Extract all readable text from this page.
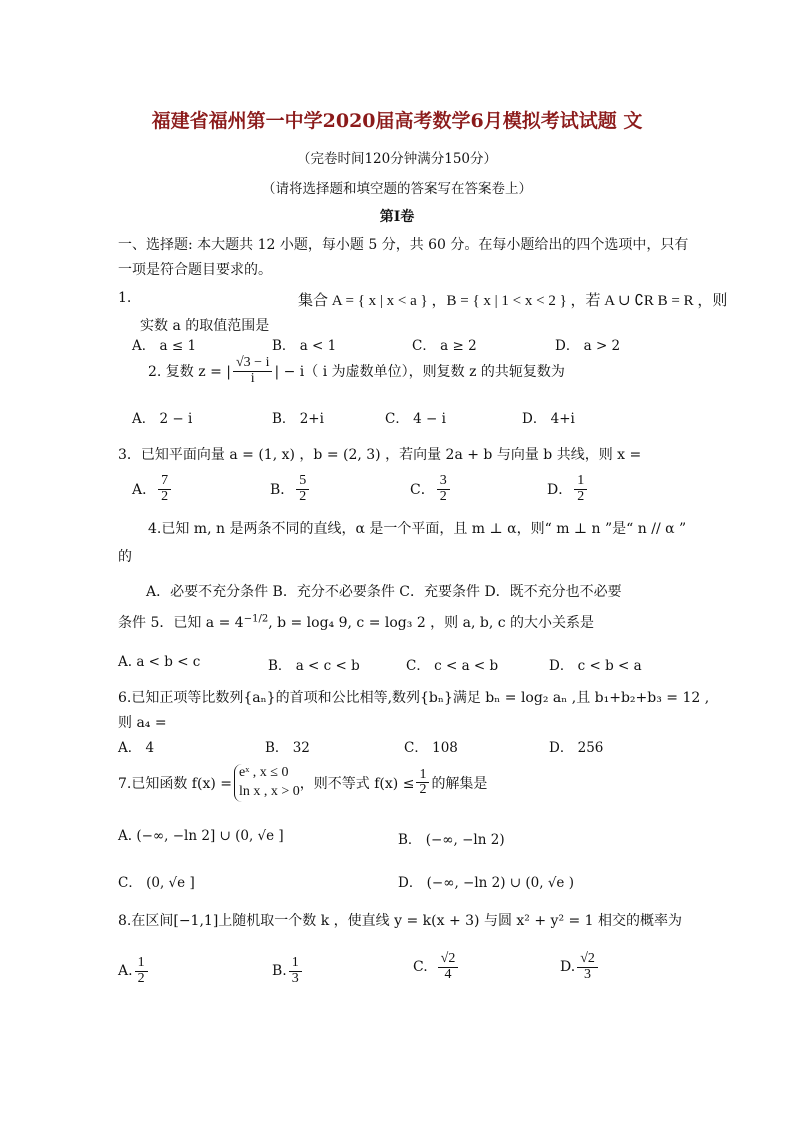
福建省福州第一中学2020届高考数学6月模拟考试试题 文
（完卷时间120分钟满分150分）
（请将选择题和填空题的答案写在答案卷上）
第Ⅰ卷
一、选择题: 本大题共 12 小题，每小题 5 分，共 60 分。在每小题给出的四个选项中，只有
一项是符合题目要求的。
1.	集合 A = { x | x < a } ，B = { x | 1 < x < 2 } ，若 A ∪ ∁R B = R ，则
实数 a 的取值范围是
A． a ≤ 1	B． a < 1	C． a ≥ 2	D． a > 2
2. 复数 z = | $\frac{√3 - i}{i}$ | − i（ i 为虚数单位），则复数 z 的共轭复数为
A． 2 − i	B． 2+i	C． 4 − i	D． 4+i
3．已知平面向量 a = (1, x) ，b = (2, 3) ，若向量 2a + b 与向量 b 共线，则 x =
A． $\frac{7}{2}$	B． $\frac{5}{2}$	C． $\frac{3}{2}$	D． $\frac{1}{2}$
4.已知 m, n 是两条不同的直线，α 是一个平面，且 m ⊥ α，则“ m ⊥ n ”是“ n // α ”
的
A．必要不充分条件 B．充分不必要条件 C．充要条件 D．既不充分也不必要
条件 5．已知 $a = 4^{-1/2}$, b = log₄ 9, c = log₃ 2 ，则 a, b, c 的大小关系是
A. a < b < c	B． a < c < b	C． c < a < b	D． c < b < a
6.已知正项等比数列{aₙ}的首项和公比相等,数列{bₙ}满足 bₙ = log₂ aₙ ,且 b₁+b₂+b₃ = 12 ,
则 a₄ =
A． 4	B． 32	C． 108	D． 256
7.已知函数 f(x) =
eˣ , x ≤ 0
ln x , x > 0 ，则不等式 $f(x) \le \frac{1}{2}$ 的解集是
A. (−∞, −ln 2] ∪ (0, √e ]	B． (−∞, −ln 2)
C． (0, √e ]	D． (−∞, −ln 2) ∪ (0, √e )
8.在区间[−1,1]上随机取一个数 k ，使直线 y = k(x + 3) 与圆 x² + y² = 1 相交的概率为
A. $\frac{1}{2}$	B. $\frac{1}{3}$	C. $\frac{√2}{4}$	D. $\frac{√2}{3}$
